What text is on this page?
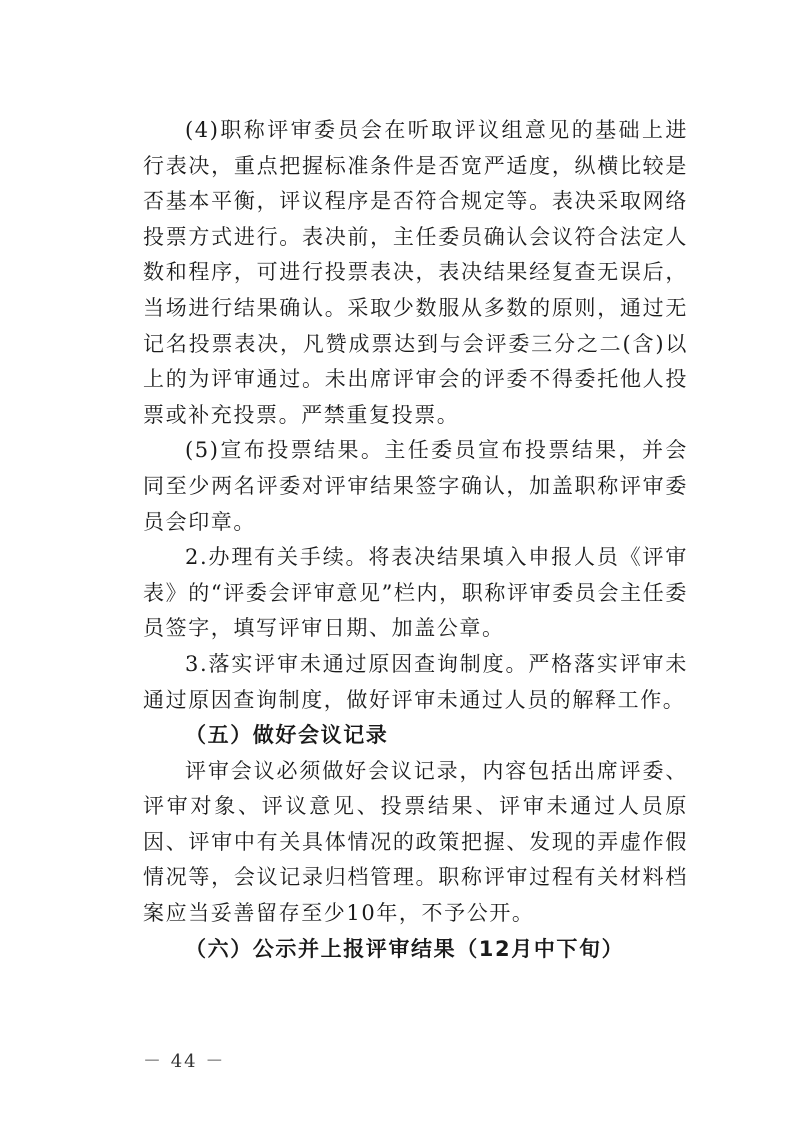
(4)职称评审委员会在听取评议组意见的基础上进行表决，重点把握标准条件是否宽严适度，纵横比较是否基本平衡，评议程序是否符合规定等。表决采取网络投票方式进行。表决前，主任委员确认会议符合法定人数和程序，可进行投票表决，表决结果经复查无误后，当场进行结果确认。采取少数服从多数的原则，通过无记名投票表决，凡赞成票达到与会评委三分之二(含)以上的为评审通过。未出席评审会的评委不得委托他人投票或补充投票。严禁重复投票。

(5)宣布投票结果。主任委员宣布投票结果，并会同至少两名评委对评审结果签字确认，加盖职称评审委员会印章。

2.办理有关手续。将表决结果填入申报人员《评审表》的“评委会评审意见”栏内，职称评审委员会主任委员签字，填写评审日期、加盖公章。

3.落实评审未通过原因查询制度。严格落实评审未通过原因查询制度，做好评审未通过人员的解释工作。

（五）做好会议记录

评审会议必须做好会议记录，内容包括出席评委、评审对象、评议意见、投票结果、评审未通过人员原因、评审中有关具体情况的政策把握、发现的弄虚作假情况等，会议记录归档管理。职称评审过程有关材料档案应当妥善留存至少10年，不予公开。

（六）公示并上报评审结果（12月中下旬）

－ 44 －
